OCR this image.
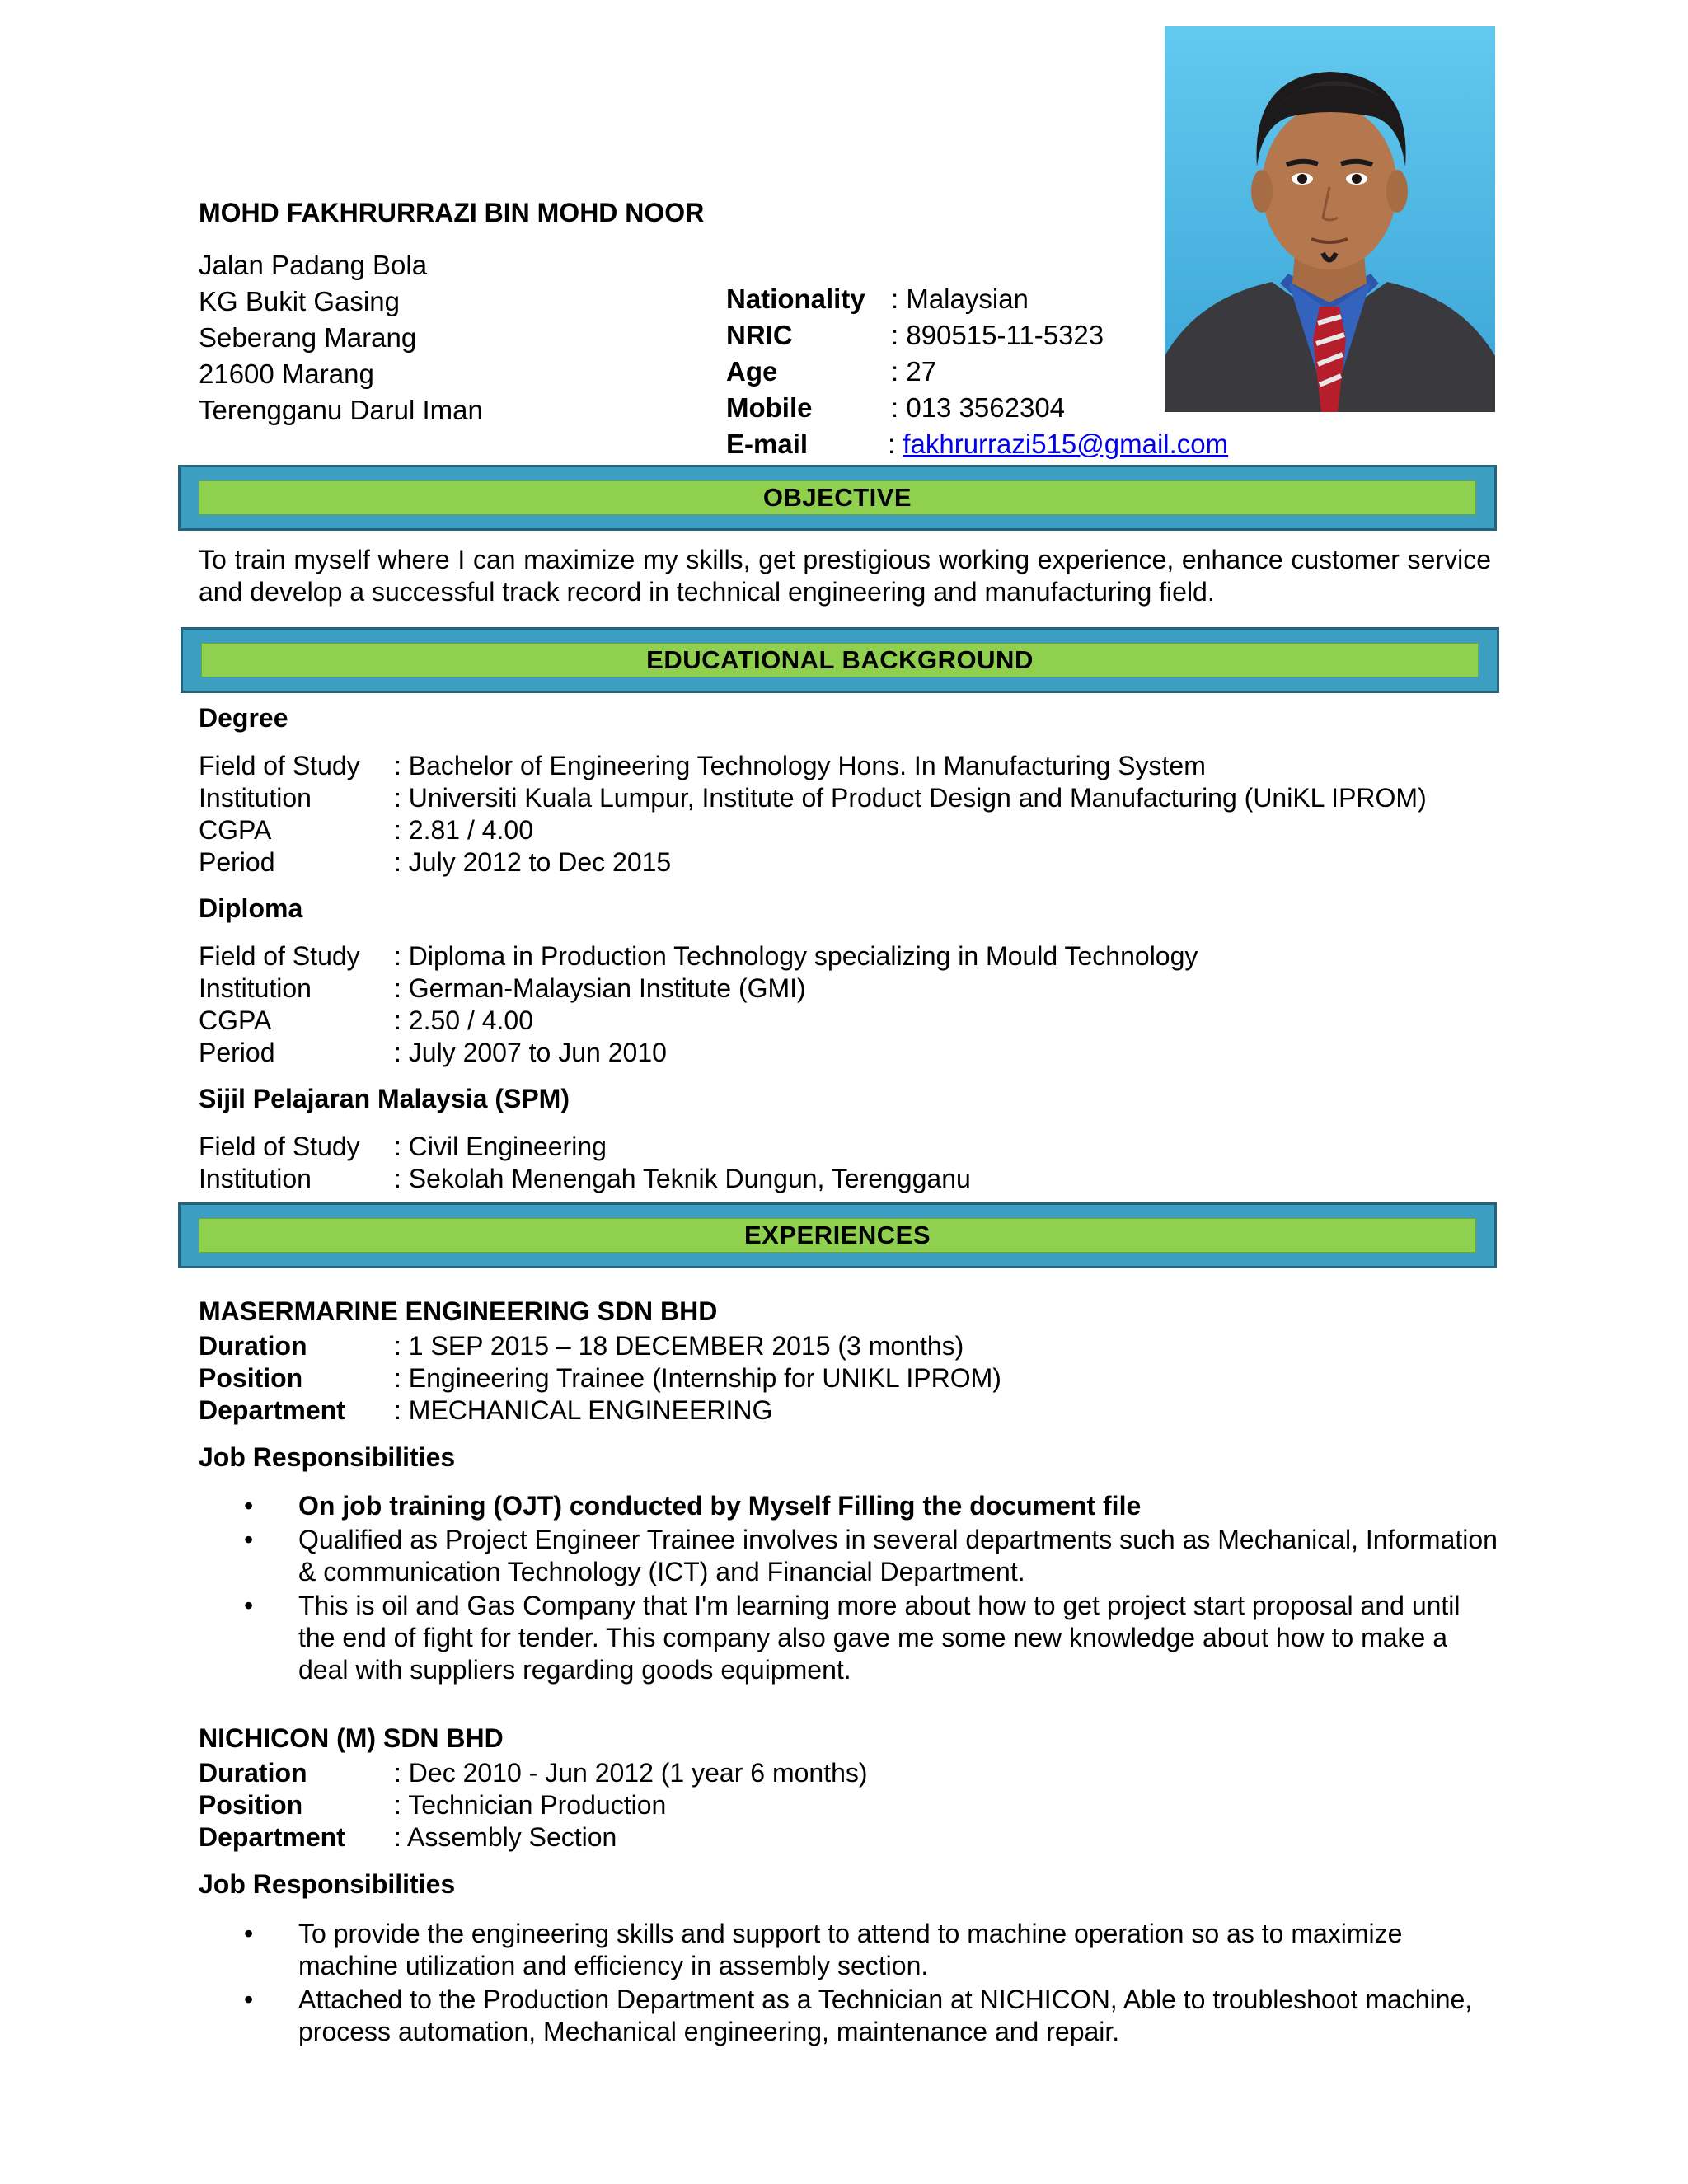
MOHD FAKHRURRAZI BIN MOHD NOOR
Jalan Padang Bola
KG Bukit Gasing
Seberang Marang
21600 Marang
Terengganu Darul Iman
Nationality : Malaysian
NRIC	: 890515-11-5323
Age	: 27
Mobile	: 013 3562304
E-mail	: fakhrurrazi515@gmail.com
OBJECTIVE
To train myself where I can maximize my skills, get prestigious working experience, enhance customer service and develop a successful track record in technical engineering and manufacturing field.
EDUCATIONAL BACKGROUND
Degree
Field of Study	: Bachelor of Engineering Technology Hons. In Manufacturing System
Institution	: Universiti Kuala Lumpur, Institute of Product Design and Manufacturing (UniKL IPROM)
CGPA	: 2.81 / 4.00
Period	: July 2012 to Dec 2015
Diploma
Field of Study	: Diploma in Production Technology specializing in Mould Technology
Institution	: German-Malaysian Institute (GMI)
CGPA	: 2.50 / 4.00
Period	: July 2007 to Jun 2010
Sijil Pelajaran Malaysia (SPM)
Field of Study	: Civil Engineering
Institution	: Sekolah Menengah Teknik Dungun, Terengganu
EXPERIENCES
MASERMARINE ENGINEERING SDN BHD
Duration	: 1 SEP 2015 – 18 DECEMBER 2015 (3 months)
Position	: Engineering Trainee (Internship for UNIKL IPROM)
Department	: MECHANICAL ENGINEERING
Job Responsibilities
•	On job training (OJT) conducted by Myself Filling the document file
•	Qualified as Project Engineer Trainee involves in several departments such as Mechanical, Information & communication Technology (ICT) and Financial Department.
•	This is oil and Gas Company that I'm learning more about how to get project start proposal and until the end of fight for tender. This company also gave me some new knowledge about how to make a deal with suppliers regarding goods equipment.
NICHICON (M) SDN BHD
Duration	: Dec 2010 - Jun 2012 (1 year 6 months)
Position	: Technician Production
Department	: Assembly Section
Job Responsibilities
•	To provide the engineering skills and support to attend to machine operation so as to maximize machine utilization and efficiency in assembly section.
•	Attached to the Production Department as a Technician at NICHICON, Able to troubleshoot machine, process automation, Mechanical engineering, maintenance and repair.
